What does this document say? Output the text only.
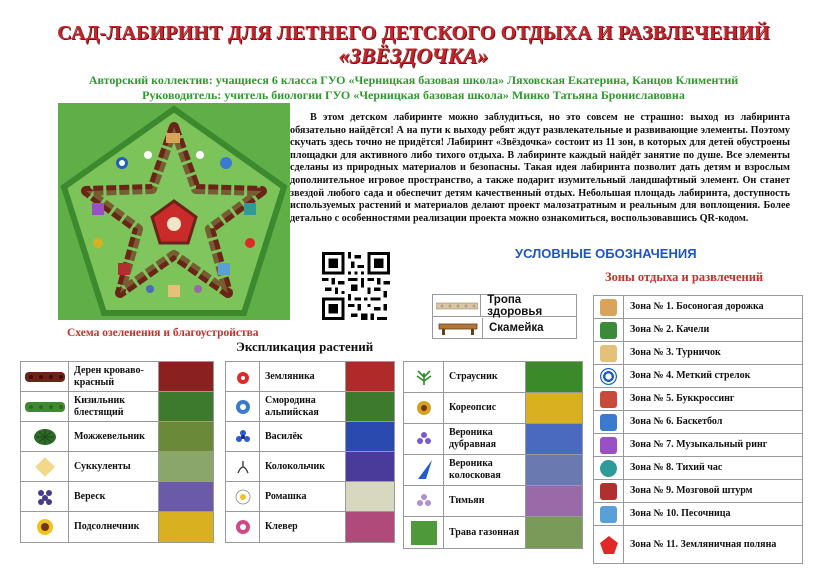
САД-ЛАБИРИНТ ДЛЯ ЛЕТНЕГО ДЕТСКОГО ОТДЫХА И РАЗВЛЕЧЕНИЙ
«ЗВЁЗДОЧКА»
Авторский коллектив: учащиеся 6 класса ГУО «Черницкая базовая школа» Ляховская Екатерина, Канцов Климентий
Руководитель: учитель биологии ГУО «Черницкая базовая школа» Минко Татьяна Брониславовна
Схема озеленения и благоустройства
В этом детском лабиринте можно заблудиться, но это совсем не страшно: выход из лабиринта обязательно найдётся! А на пути к выходу ребят ждут развлекательные и развивающие элементы. Поэтому скучать здесь точно не придётся! Лабиринт «Звёздочка» состоит из 11 зон, в которых для детей обустроены площадки для активного либо тихого отдыха. В лабиринте каждый найдёт занятие по душе. Все элементы сделаны из природных материалов и безопасны. Такая идея лабиринта позволит дать детям и взрослым дополнительное игровое пространство, а также подарит изумительный ландшафтный элемент. Он станет звездой любого сада и обеспечит детям качественный отдых. Небольшая площадь лабиринта, доступность используемых растений и материалов делают проект малозатратным и реальным для воплощения. Более детально с особенностями реализации проекта можно ознакомиться, воспользовавшись QR-кодом.
УСЛОВНЫЕ ОБОЗНАЧЕНИЯ
Зоны отдыха и развлечений
Тропа здоровья
Скамейка
Зона № 1. Босоногая дорожка
Зона № 2. Качели
Зона № 3. Турничок
Зона № 4. Меткий стрелок
Зона № 5. Буккроссинг
Зона № 6. Баскетбол
Зона № 7. Музыкальный ринг
Зона № 8. Тихий час
Зона № 9. Мозговой штурм
Зона № 10. Песочница
Зона № 11. Земляничная поляна
Экспликация растений
Дерен кроваво-красный
Кизильник блестящий
Можжевельник
Суккуленты
Вереск
Подсолнечник
Земляника
Смородина альпийская
Василёк
Колокольчик
Ромашка
Клевер
Страусник
Кореопсис
Вероника дубравная
Вероника колосковая
Тимьян
Трава газонная
